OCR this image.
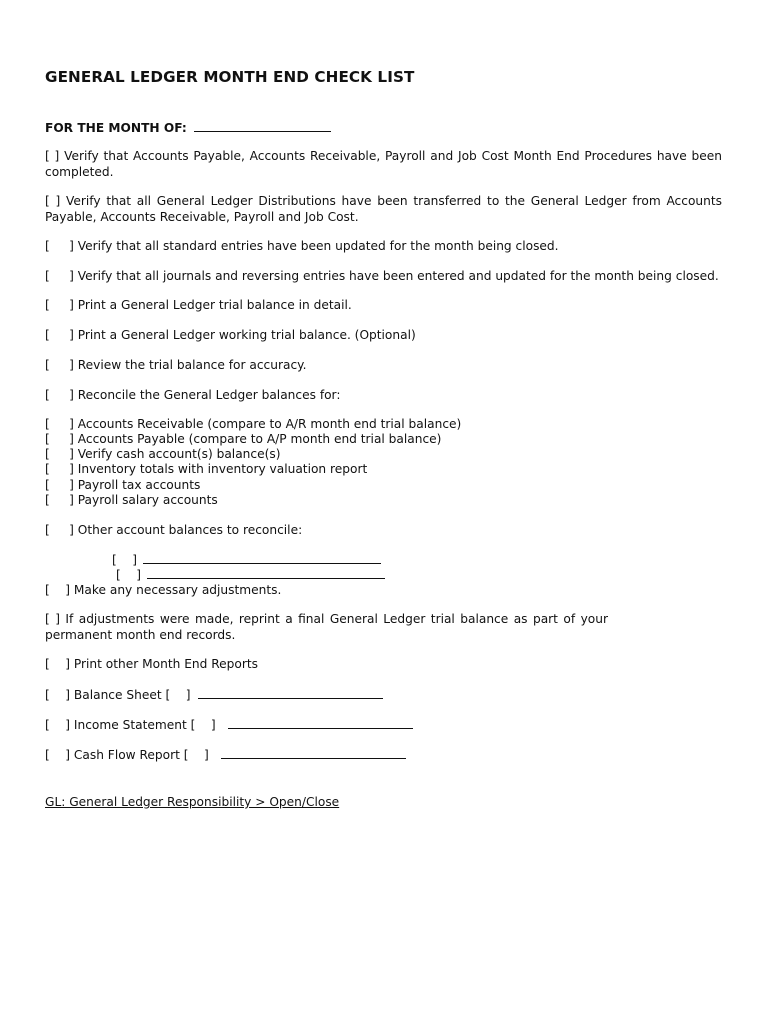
GENERAL LEDGER MONTH END CHECK LIST
FOR THE MONTH OF:
[ ] Verify that Accounts Payable, Accounts Receivable, Payroll and Job Cost Month End Procedures have been completed.
[ ] Verify that all General Ledger Distributions have been transferred to the General Ledger from Accounts Payable, Accounts Receivable, Payroll and Job Cost.
[     ] Verify that all standard entries have been updated for the month being closed.
[     ] Verify that all journals and reversing entries have been entered and updated for the month being closed.
[     ] Print a General Ledger trial balance in detail.
[     ] Print a General Ledger working trial balance. (Optional)
[     ] Review the trial balance for accuracy.
[     ] Reconcile the General Ledger balances for:
[     ] Accounts Receivable (compare to A/R month end trial balance)
[     ] Accounts Payable (compare to A/P month end trial balance)
[     ] Verify cash account(s) balance(s)
[     ] Inventory totals with inventory valuation report
[     ] Payroll tax accounts
[     ] Payroll salary accounts
[     ] Other account balances to reconcile:
[    ]
[    ]
[    ] Make any necessary adjustments.
[ ] If adjustments were made, reprint a final General Ledger trial balance as part of your permanent month end records.
[    ] Print other Month End Reports
[    ] Balance Sheet [    ]
[    ] Income Statement [    ]
[    ] Cash Flow Report [    ]
GL: General Ledger Responsibility > Open/Close
